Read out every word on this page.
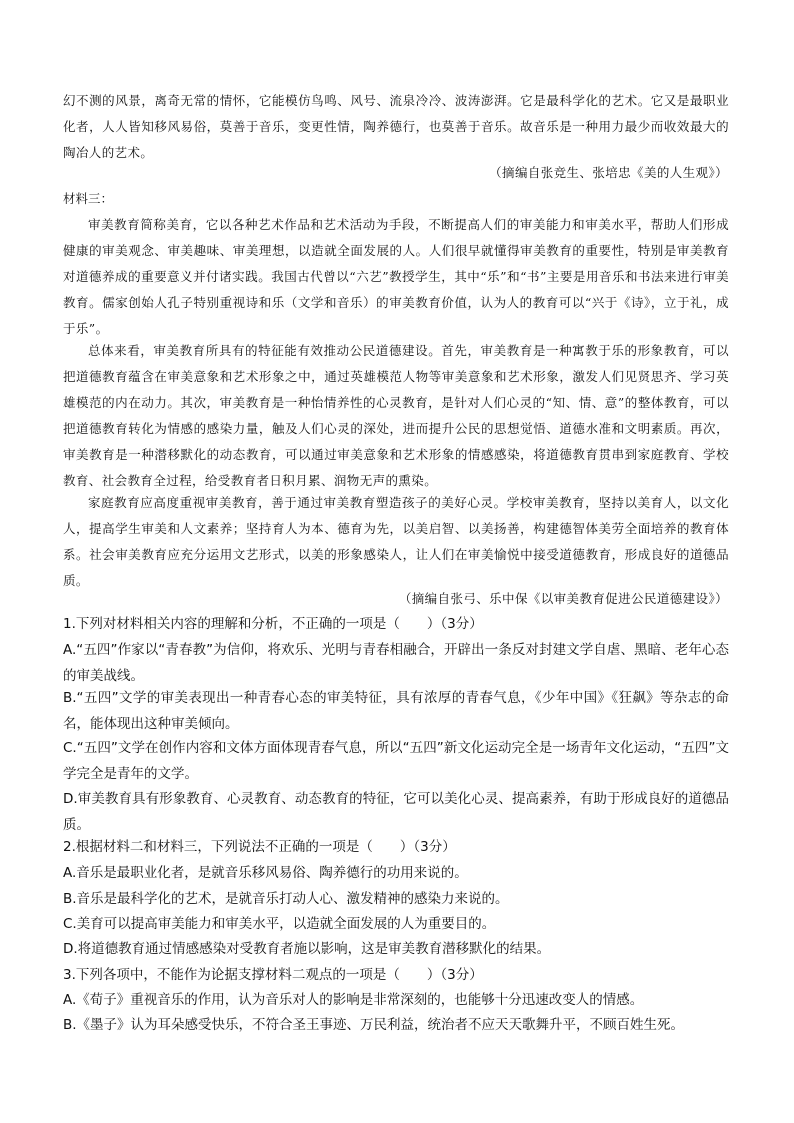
幻不测的风景，离奇无常的情怀，它能模仿鸟鸣、风号、流泉冷冷、波涛澎湃。它是最科学化的艺术。它又是最职业化者，人人皆知移风易俗，莫善于音乐，变更性情，陶养德行，也莫善于音乐。故音乐是一种用力最少而收效最大的陶冶人的艺术。

（摘编自张竞生、张培忠《美的人生观》）

材料三：

审美教育简称美育，它以各种艺术作品和艺术活动为手段，不断提高人们的审美能力和审美水平，帮助人们形成健康的审美观念、审美趣味、审美理想，以造就全面发展的人。人们很早就懂得审美教育的重要性，特别是审美教育对道德养成的重要意义并付诸实践。我国古代曾以“六艺”教授学生，其中“乐”和“书”主要是用音乐和书法来进行审美教育。儒家创始人孔子特别重视诗和乐（文学和音乐）的审美教育价值，认为人的教育可以“兴于《诗》，立于礼，成于乐”。

总体来看，审美教育所具有的特征能有效推动公民道德建设。首先，审美教育是一种寓教于乐的形象教育，可以把道德教育蕴含在审美意象和艺术形象之中，通过英雄模范人物等审美意象和艺术形象，激发人们见贤思齐、学习英雄模范的内在动力。其次，审美教育是一种怡情养性的心灵教育，是针对人们心灵的“知、情、意”的整体教育，可以把道德教育转化为情感的感染力量，触及人们心灵的深处，进而提升公民的思想觉悟、道德水准和文明素质。再次，审美教育是一种潜移默化的动态教育，可以通过审美意象和艺术形象的情感感染，将道德教育贯串到家庭教育、学校教育、社会教育全过程，给受教育者日积月累、润物无声的熏染。

家庭教育应高度重视审美教育，善于通过审美教育塑造孩子的美好心灵。学校审美教育，坚持以美育人，以文化人，提高学生审美和人文素养；坚持育人为本、德育为先，以美启智、以美扬善，构建德智体美劳全面培养的教育体系。社会审美教育应充分运用文艺形式，以美的形象感染人，让人们在审美愉悦中接受道德教育，形成良好的道德品质。

（摘编自张弓、乐中保《以审美教育促进公民道德建设》）

1.下列对材料相关内容的理解和分析，不正确的一项是（　　）（3分）

A.“五四”作家以“青春教”为信仰，将欢乐、光明与青春相融合，开辟出一条反对封建文学自虐、黑暗、老年心态的审美战线。

B.“五四”文学的审美表现出一种青春心态的审美特征，具有浓厚的青春气息，《少年中国》《狂飙》等杂志的命名，能体现出这种审美倾向。

C.“五四”文学在创作内容和文体方面体现青春气息，所以“五四”新文化运动完全是一场青年文化运动，“五四”文学完全是青年的文学。

D.审美教育具有形象教育、心灵教育、动态教育的特征，它可以美化心灵、提高素养，有助于形成良好的道德品质。

2.根据材料二和材料三，下列说法不正确的一项是（　　）（3分）

A.音乐是最职业化者，是就音乐移风易俗、陶养德行的功用来说的。

B.音乐是最科学化的艺术，是就音乐打动人心、激发精神的感染力来说的。

C.美育可以提高审美能力和审美水平，以造就全面发展的人为重要目的。

D.将道德教育通过情感感染对受教育者施以影响，这是审美教育潜移默化的结果。

3.下列各项中，不能作为论据支撑材料二观点的一项是（　　）（3分）

A.《荀子》重视音乐的作用，认为音乐对人的影响是非常深刻的，也能够十分迅速改变人的情感。

B.《墨子》认为耳朵感受快乐，不符合圣王事迹、万民利益，统治者不应天天歌舞升平，不顾百姓生死。
